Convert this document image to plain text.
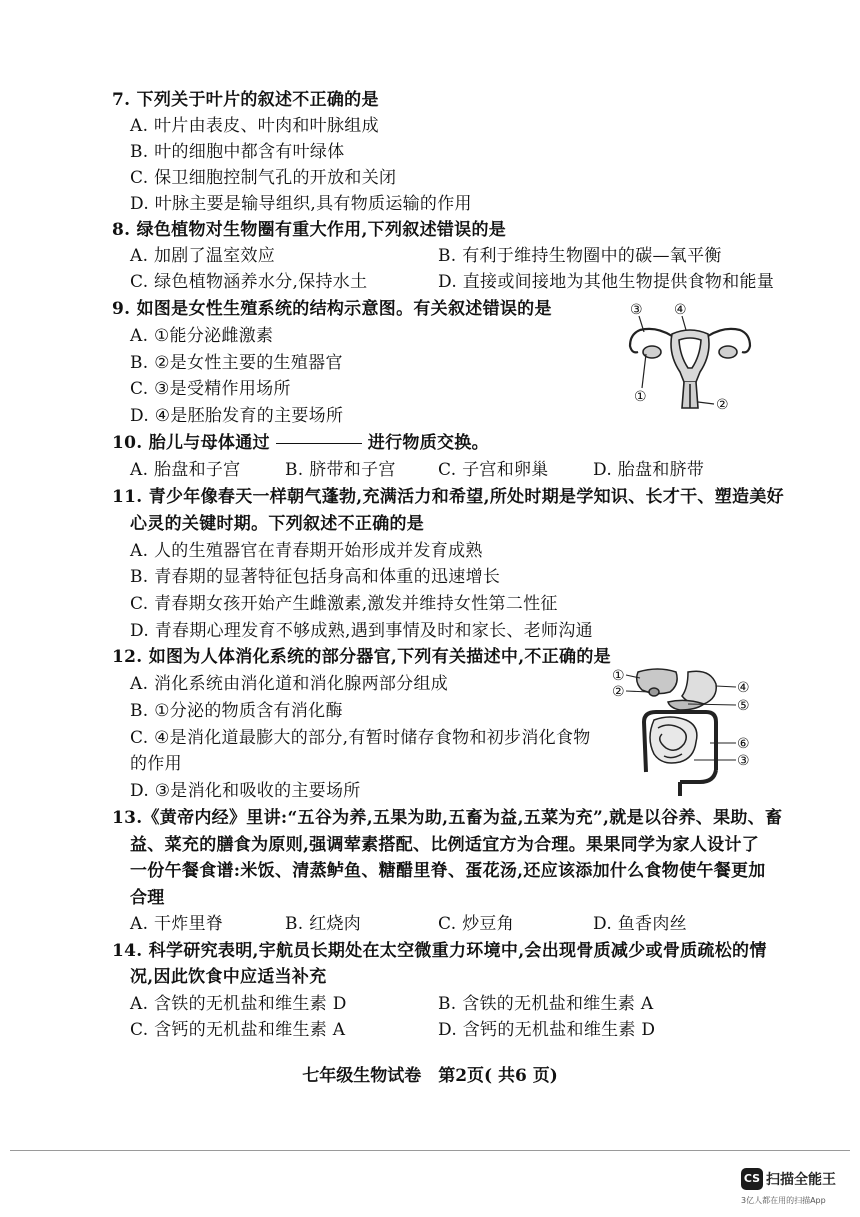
7. 下列关于叶片的叙述不正确的是
A. 叶片由表皮、叶肉和叶脉组成
B. 叶的细胞中都含有叶绿体
C. 保卫细胞控制气孔的开放和关闭
D. 叶脉主要是输导组织,具有物质运输的作用
8. 绿色植物对生物圈有重大作用,下列叙述错误的是
A. 加剧了温室效应	B. 有利于维持生物圈中的碳—氧平衡
C. 绿色植物涵养水分,保持水土	D. 直接或间接地为其他生物提供食物和能量
9. 如图是女性生殖系统的结构示意图。有关叙述错误的是
A. ①能分泌雌激素
B. ②是女性主要的生殖器官
C. ③是受精作用场所
D. ④是胚胎发育的主要场所
③ ④
①	②
10. 胎儿与母体通过	进行物质交换。
A. 胎盘和子宫	B. 脐带和子宫 C. 子宫和卵巢	D. 胎盘和脐带
11. 青少年像春天一样朝气蓬勃,充满活力和希望,所处时期是学知识、长才干、塑造美好
心灵的关键时期。下列叙述不正确的是
A. 人的生殖器官在青春期开始形成并发育成熟
B. 青春期的显著特征包括身高和体重的迅速增长
C. 青春期女孩开始产生雌激素,激发并维持女性第二性征
D. 青春期心理发育不够成熟,遇到事情及时和家长、老师沟通
12. 如图为人体消化系统的部分器官,下列有关描述中,不正确的是
A. 消化系统由消化道和消化腺两部分组成
B. ①分泌的物质含有消化酶
C. ④是消化道最膨大的部分,有暂时储存食物和初步消化食物
的作用
D. ③是消化和吸收的主要场所
①
②	④
⑤
⑥
③
13.《黄帝内经》里讲:“五谷为养,五果为助,五畜为益,五菜为充”,就是以谷养、果助、畜
益、菜充的膳食为原则,强调荤素搭配、比例适宜方为合理。果果同学为家人设计了
一份午餐食谱:米饭、清蒸鲈鱼、糖醋里脊、蛋花汤,还应该添加什么食物使午餐更加
合理
A. 干炸里脊	B. 红烧肉	C. 炒豆角	D. 鱼香肉丝
14. 科学研究表明,宇航员长期处在太空微重力环境中,会出现骨质减少或骨质疏松的情
况,因此饮食中应适当补充
A. 含铁的无机盐和维生素 D	B. 含铁的无机盐和维生素 A
C. 含钙的无机盐和维生素 A	D. 含钙的无机盐和维生素 D
七年级生物试卷　第2页( 共6 页)
CS 扫描全能王
3亿人都在用的扫描App
